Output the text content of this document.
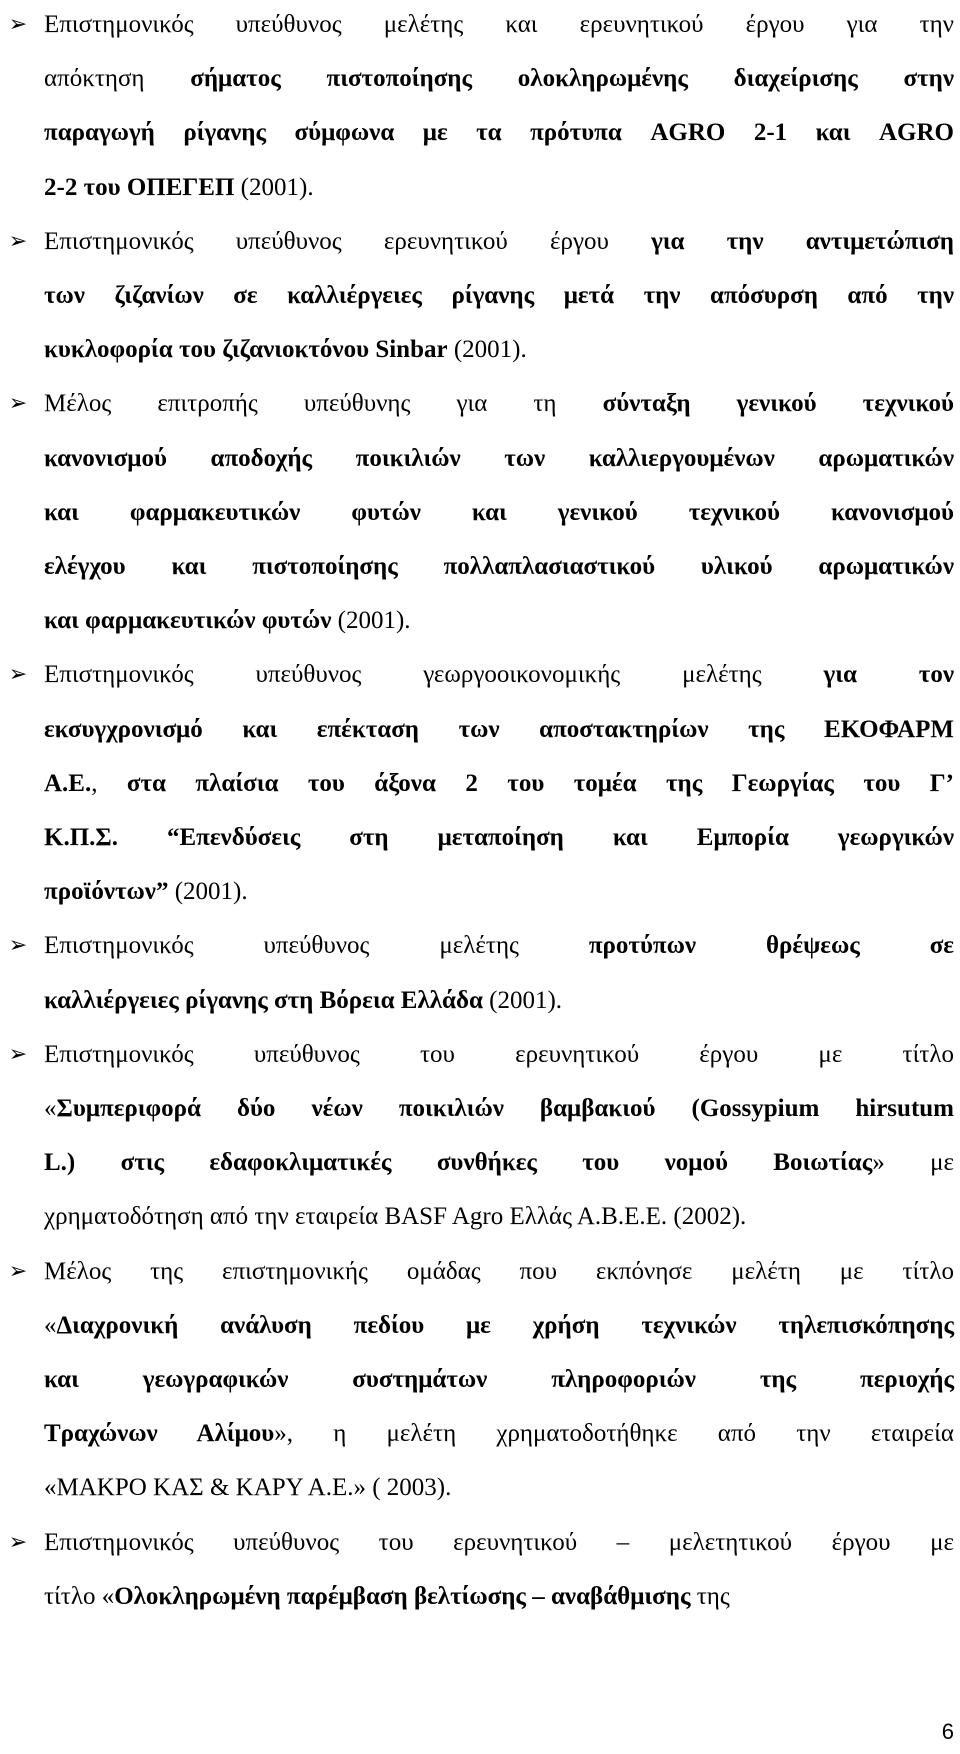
➢ Επιστημονικός υπεύθυνος μελέτης και ερευνητικού έργου για την
απόκτηση σήματος πιστοποίησης ολοκληρωμένης διαχείρισης στην
παραγωγή ρίγανης σύμφωνα με τα πρότυπα AGRO 2-1 και AGRO
2-2 του ΟΠΕΓΕΠ (2001).
➢ Επιστημονικός υπεύθυνος ερευνητικού έργου για την αντιμετώπιση
των ζιζανίων σε καλλιέργειες ρίγανης μετά την απόσυρση από την
κυκλοφορία του ζιζανιοκτόνου Sinbar (2001).
➢ Μέλος επιτροπής υπεύθυνης για τη σύνταξη γενικού τεχνικού
κανονισμού αποδοχής ποικιλιών των καλλιεργουμένων αρωματικών
και φαρμακευτικών φυτών και γενικού τεχνικού κανονισμού
ελέγχου και πιστοποίησης πολλαπλασιαστικού υλικού αρωματικών
και φαρμακευτικών φυτών (2001).
➢ Επιστημονικός υπεύθυνος γεωργοοικονομικής μελέτης για τον
εκσυγχρονισμό και επέκταση των αποστακτηρίων της ΕΚΟΦΑΡΜ
Α.Ε., στα πλαίσια του άξονα 2 του τομέα της Γεωργίας του Γ’
Κ.Π.Σ. “Επενδύσεις στη μεταποίηση και Εμπορία γεωργικών
προϊόντων” (2001).
➢ Επιστημονικός υπεύθυνος μελέτης προτύπων θρέψεως σε
καλλιέργειες ρίγανης στη Βόρεια Ελλάδα (2001).
➢ Επιστημονικός υπεύθυνος του ερευνητικού έργου με τίτλο
«Συμπεριφορά δύο νέων ποικιλιών βαμβακιού (Gossypium hirsutum
L.) στις εδαφοκλιματικές συνθήκες του νομού Βοιωτίας» με
χρηματοδότηση από την εταιρεία BASF Agro Ελλάς Α.Β.Ε.Ε. (2002).
➢ Μέλος της επιστημονικής ομάδας που εκπόνησε μελέτη με τίτλο
«Διαχρονική ανάλυση πεδίου με χρήση τεχνικών τηλεπισκόπησης
και γεωγραφικών συστημάτων πληροφοριών της περιοχής
Τραχώνων Αλίμου», η μελέτη χρηματοδοτήθηκε από την εταιρεία
«ΜΑΚΡΟ ΚΑΣ & ΚΑΡΥ Α.Ε.» ( 2003).
➢ Επιστημονικός υπεύθυνος του ερευνητικού – μελετητικού έργου με
τίτλο «Ολοκληρωμένη παρέμβαση βελτίωσης – αναβάθμισης της
6
